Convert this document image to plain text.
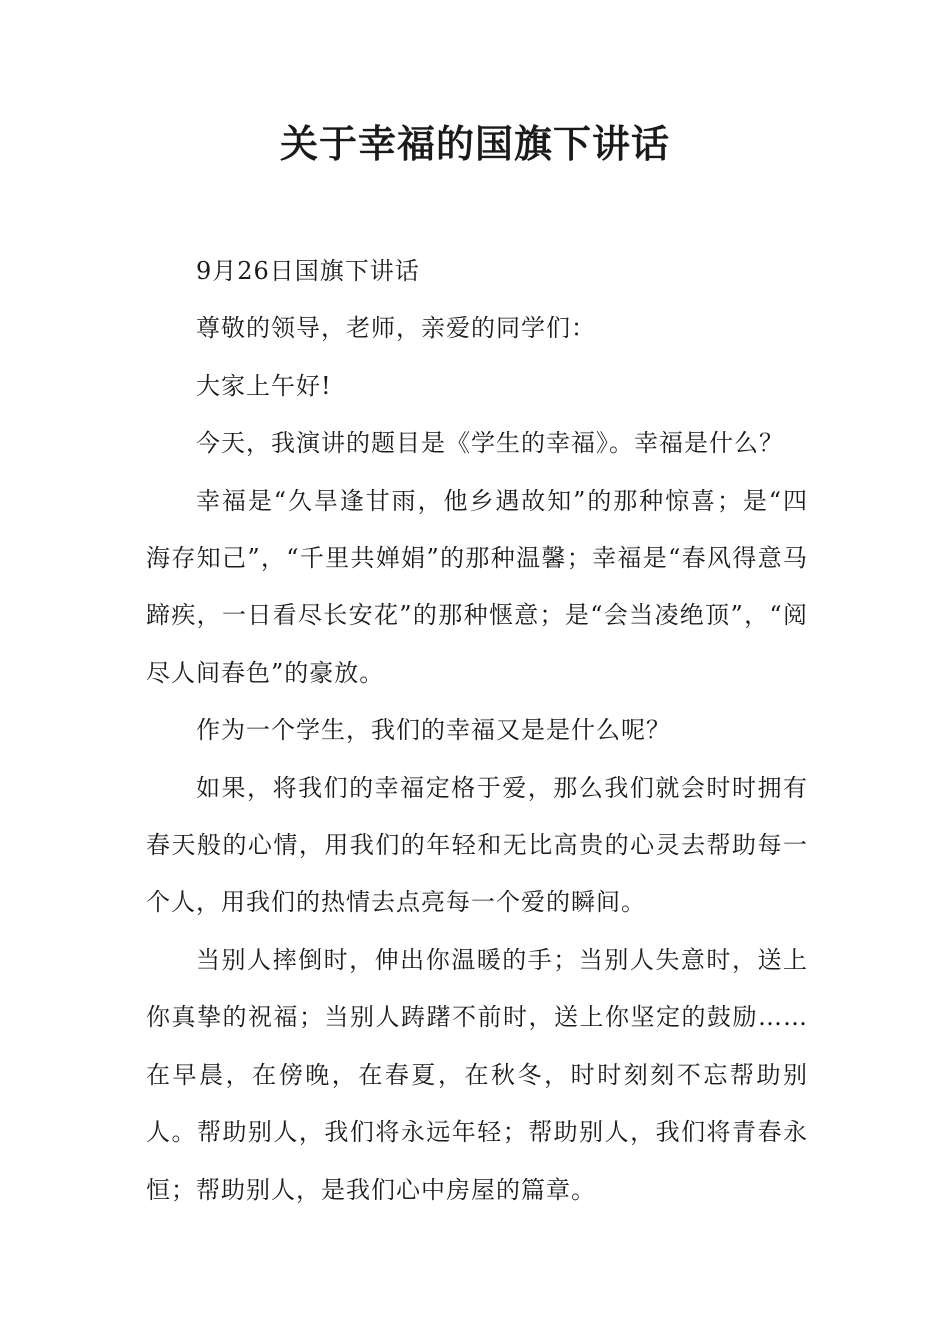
关于幸福的国旗下讲话

9月26日国旗下讲话

尊敬的领导，老师，亲爱的同学们：

大家上午好!

今天，我演讲的题目是《学生的幸福》。幸福是什么？

幸福是“久旱逢甘雨，他乡遇故知”的那种惊喜；是“四海存知己”，“千里共婵娟”的那种温馨；幸福是“春风得意马蹄疾，一日看尽长安花”的那种惬意；是“会当凌绝顶”，“阅尽人间春色”的豪放。

作为一个学生，我们的幸福又是是什么呢？

如果，将我们的幸福定格于爱，那么我们就会时时拥有春天般的心情，用我们的年轻和无比高贵的心灵去帮助每一个人，用我们的热情去点亮每一个爱的瞬间。

当别人摔倒时，伸出你温暖的手；当别人失意时，送上你真挚的祝福；当别人踌躇不前时，送上你坚定的鼓励……在早晨，在傍晚，在春夏，在秋冬，时时刻刻不忘帮助别人。帮助别人，我们将永远年轻；帮助别人，我们将青春永恒；帮助别人，是我们心中房屋的篇章。
